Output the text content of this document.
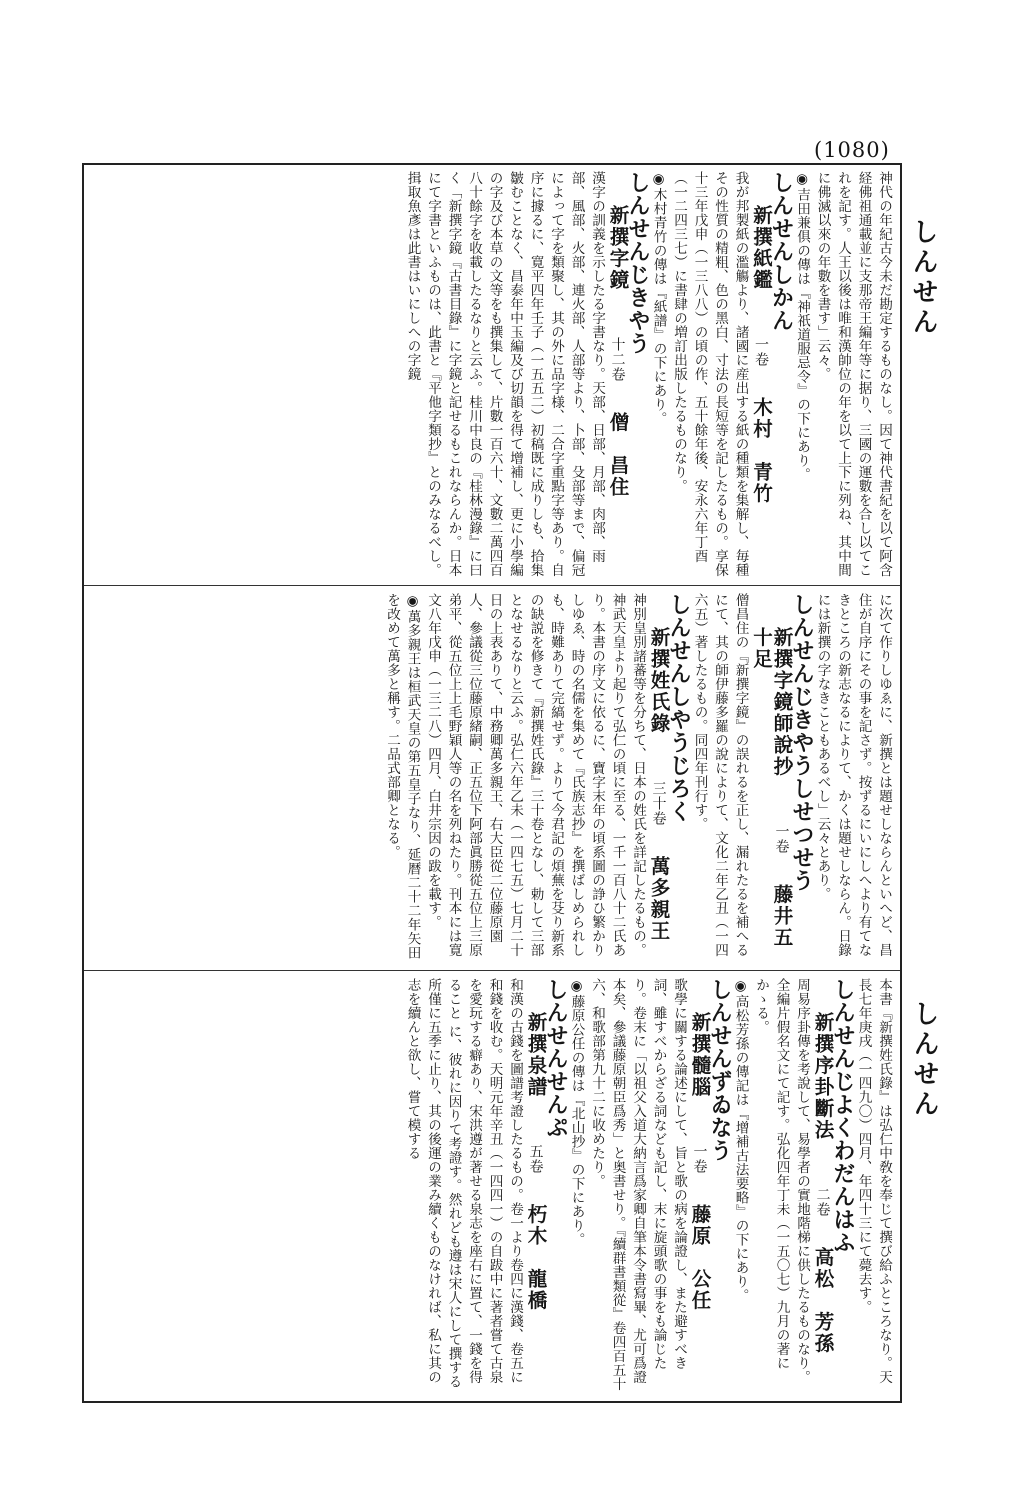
(1080)
しんせん
しんせん

神代の年紀古今未だ勘定するものなし。因て神代書紀を以て阿含経佛祖通載並に支那帝王編年等に据り、三國の運數を合し以てこれを記す。人王以後は唯和漢帥位の年を以て上下に列ね、其中間に佛滅以來の年數を書す」云々。

◉吉田兼俱の傳は『神祇道服忌令』の下にあり。

しんせんしかん

新撰紙鑑一卷木村　青竹

我が邦製紙の濫觴より、諸國に産出する紙の種類を集解し、毎種その性質の精粗、色の黑白、寸法の長短等を記したるもの。享保十三年戊申（一三八八）の頃の作、五十餘年後、安永六年丁酉（一二四三七）に書肆の増訂出版したるものなり。

◉木村青竹の傳は『紙譜』の下にあり。

しんせんじきやう

新撰字鏡十二卷僧　昌住

漢字の訓義を示したる字書なり。天部、日部、月部、肉部、雨部、風部、火部、連火部、人部等より、卜部、殳部等まで、偏冠によって字を類聚し、其の外に品字様、二合字重點字等あり。自序に據るに、寛平四年壬子（一五五二）初稿既に成りしも、拾集皺むことなく、昌泰年中玉編及び切韻を得て增補し、更に小學編の字及び本草の文等をも撰集して、片數一百六十、文數二萬四百八十餘字を收載したるなりと云ふ。桂川中良の『桂林漫錄』に曰く「新撰字鏡『古書目錄』に字鏡と記せるもこれならんか。日本にて字書といふものは、此書と『平他字類抄』とのみなるべし。揖取魚彥は此書はいにしへの字鏡

に次て作りしゆゑに、新撰とは題せしならんといへど、昌住が自序にその事を記さず。按ずるにいにしへより有てなきところの新志なるによりて、かくは題せしならん。日錄には新撰の字なきこともあるべし」云々とあり。

しんせんじきやうしせつせう

新撰字鏡師說抄一卷藤井五十足

僧昌住の『新撰字鏡』の誤れるを正し、漏れたるを補へるにて、其の師伊藤多羅の說によりて、文化二年乙丑（一四六五）著したるもの。同四年刊行す。

しんせんしやうじろく

新撰姓氏錄三十卷萬多親王

神別皇別諸蕃等を分ちて、日本の姓氏を詳記したるもの。神武天皇より起りて弘仁の頃に至る、一千一百八十二氏あり。本書の序文に依るに、寶字末年の頃系圖の諍ひ繁かりしゆゑ、時の名儒を集めて『氏族志抄』を撰ばしめられしも、時難ありて完縞せず。よりて今君記の煩蕪を芟り新系の缺説を修きて『新撰姓氏錄』三十卷となし、勅して三部となせるなりと云ふ。弘仁六年乙未（一四七五）七月二十日の上表ありて、中務卿萬多親王、右大臣從二位藤原園人、參議從三位藤原緒嗣、正五位下阿部眞勝從五位上三原弟平、從五位上上毛野穎人等の名を列ねたり。刊本には寛文八年戊申（一三二八）四月、白井宗因の跋を載す。

◉萬多親王は桓武天皇の第五皇子なり、延暦二十二年矢田を改めて萬多と稱す。二品式部卿となる。

本書『新撰姓氏錄』は弘仁中敎を奉じて撰び給ふところなり。天長七年庚戌（一四九〇）四月、年四十三にて薨去す。

しんせんじよくわだんはふ

新撰序卦斷法二卷高松　芳孫

周易序卦傳を考說して、易學者の實地階梯に供したるものなり。全編片假名文にて記す。弘化四年丁未（一五〇七）九月の著にかゝる。

◉高松芳孫の傳記は『增補古法要略』の下にあり。

しんせんずゐなう

新撰髓腦一卷藤原　公任

歌學に關する論述にして、旨と歌の病を論證し、また避すべき詞、雖すべからざる詞なども記し、末に旋頭歌の事をも論じたり。卷末に「以祖父入道大納言爲家卿自筆本令書寫畢、尤可爲證本矣、參議藤原朝臣爲秀」と奥書せり。『續群書類從』卷四百五十六、和歌部第九十二に收めたり。

◉藤原公任の傳は『北山抄』の下にあり。

しんせんせんぷ

新撰泉譜五卷朽木　龍橋

和漢の古錢を圖譜考證したるもの。卷一より卷四に漢錢、卷五に和錢を收む。天明元年辛丑（一四四一）の自跋中に著者嘗て古泉を愛玩する癖あり、宋洪遵が著せる泉志を座右に置て、一錢を得ること に、彼れに因りて考證す。然れども遵は宋人にして撰する所僅に五季に止り、其の後運の業み續くものなければ、私に其の志を續んと欲し、嘗て模する
